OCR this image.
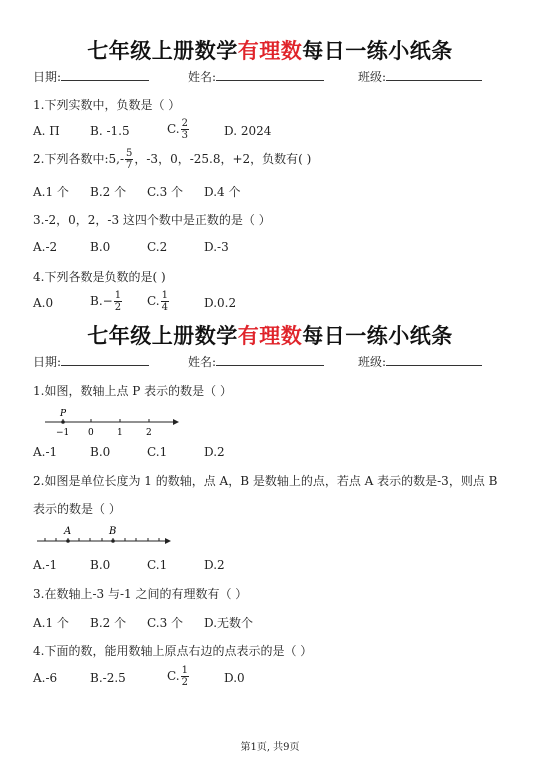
七年级上册数学有理数每日一练小纸条
日期:	姓名:	班级:
1.下列实数中，负数是（ ）
A. Π	B. -1.5	C. $\frac{2}{3}$	D. 2024
2.下列各数中:5,- $\frac{5}{7}$ ，-3，0，-25.8，+2，负数有( )
A.1 个 B.2 个 C.3 个 D.4 个
3.-2，0，2，-3 这四个数中是正数的是（ ）
A.-2	B.0	C.2	D.-3
4.下列各数是负数的是( )
A.0	$B.- \frac{1}{2} C$. $\frac{1}{4}$	D.0.2
七年级上册数学有理数每日一练小纸条
日期:	姓名:	班级:
1.如图，数轴上点 P 表示的数是（ ）
P
−1 0	1	2
A.-1	B.0	C.1	D.2
2.如图是单位长度为 1 的数轴，点 A，B 是数轴上的点，若点 A 表示的数是-3，则点 B
表示的数是（ ）
A	B
A.-1	B.0	C.1	D.2
3.在数轴上-3 与-1 之间的有理数有（ ）
A.1 个 B.2 个 C.3 个 D.无数个
4.下面的数，能用数轴上原点右边的点表示的是（ ）
A.-6	B.-2.5	C. $\frac{1}{2}$	D.0
第1页, 共9页
